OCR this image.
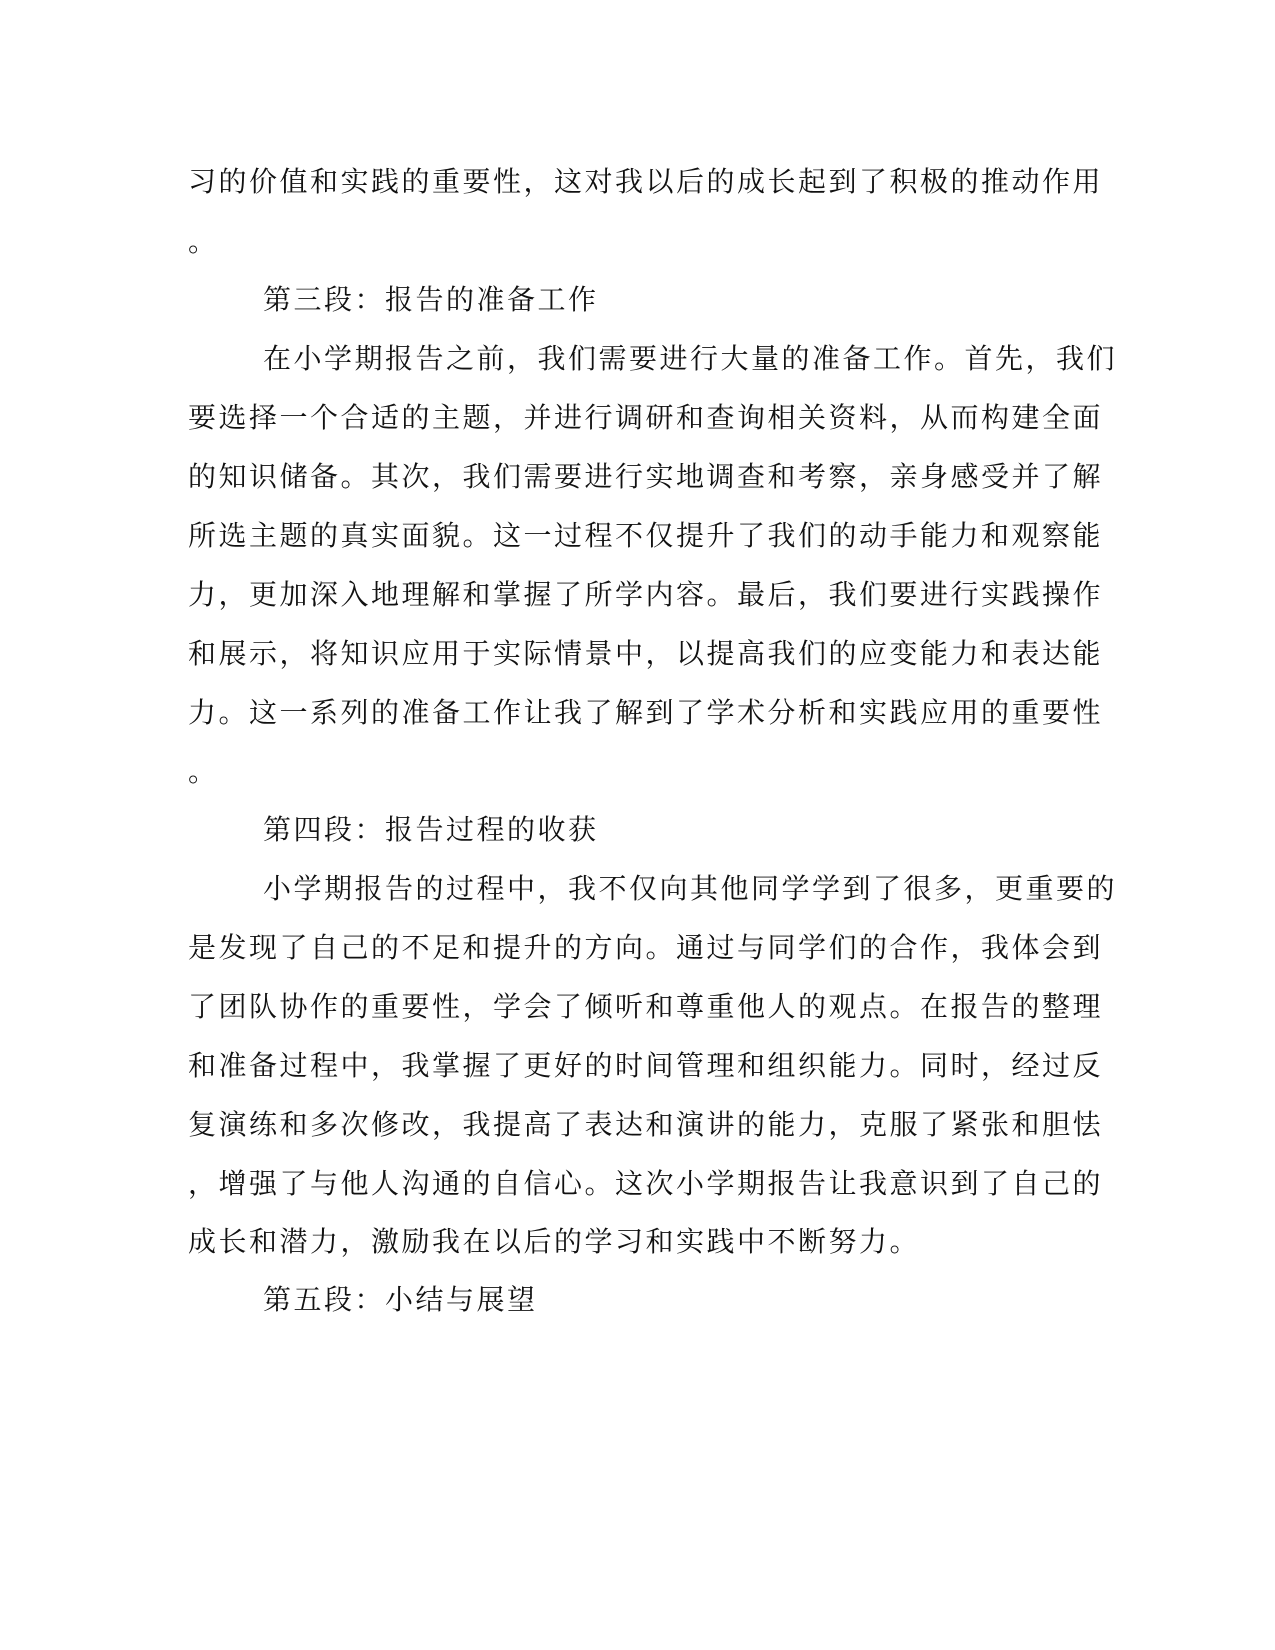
习的价值和实践的重要性，这对我以后的成长起到了积极的推动作用
。
第三段：报告的准备工作
在小学期报告之前，我们需要进行大量的准备工作。首先，我们
要选择一个合适的主题，并进行调研和查询相关资料，从而构建全面
的知识储备。其次，我们需要进行实地调查和考察，亲身感受并了解
所选主题的真实面貌。这一过程不仅提升了我们的动手能力和观察能
力，更加深入地理解和掌握了所学内容。最后，我们要进行实践操作
和展示，将知识应用于实际情景中，以提高我们的应变能力和表达能
力。这一系列的准备工作让我了解到了学术分析和实践应用的重要性
。
第四段：报告过程的收获
小学期报告的过程中，我不仅向其他同学学到了很多，更重要的
是发现了自己的不足和提升的方向。通过与同学们的合作，我体会到
了团队协作的重要性，学会了倾听和尊重他人的观点。在报告的整理
和准备过程中，我掌握了更好的时间管理和组织能力。同时，经过反
复演练和多次修改，我提高了表达和演讲的能力，克服了紧张和胆怯
，增强了与他人沟通的自信心。这次小学期报告让我意识到了自己的
成长和潜力，激励我在以后的学习和实践中不断努力。
第五段：小结与展望
